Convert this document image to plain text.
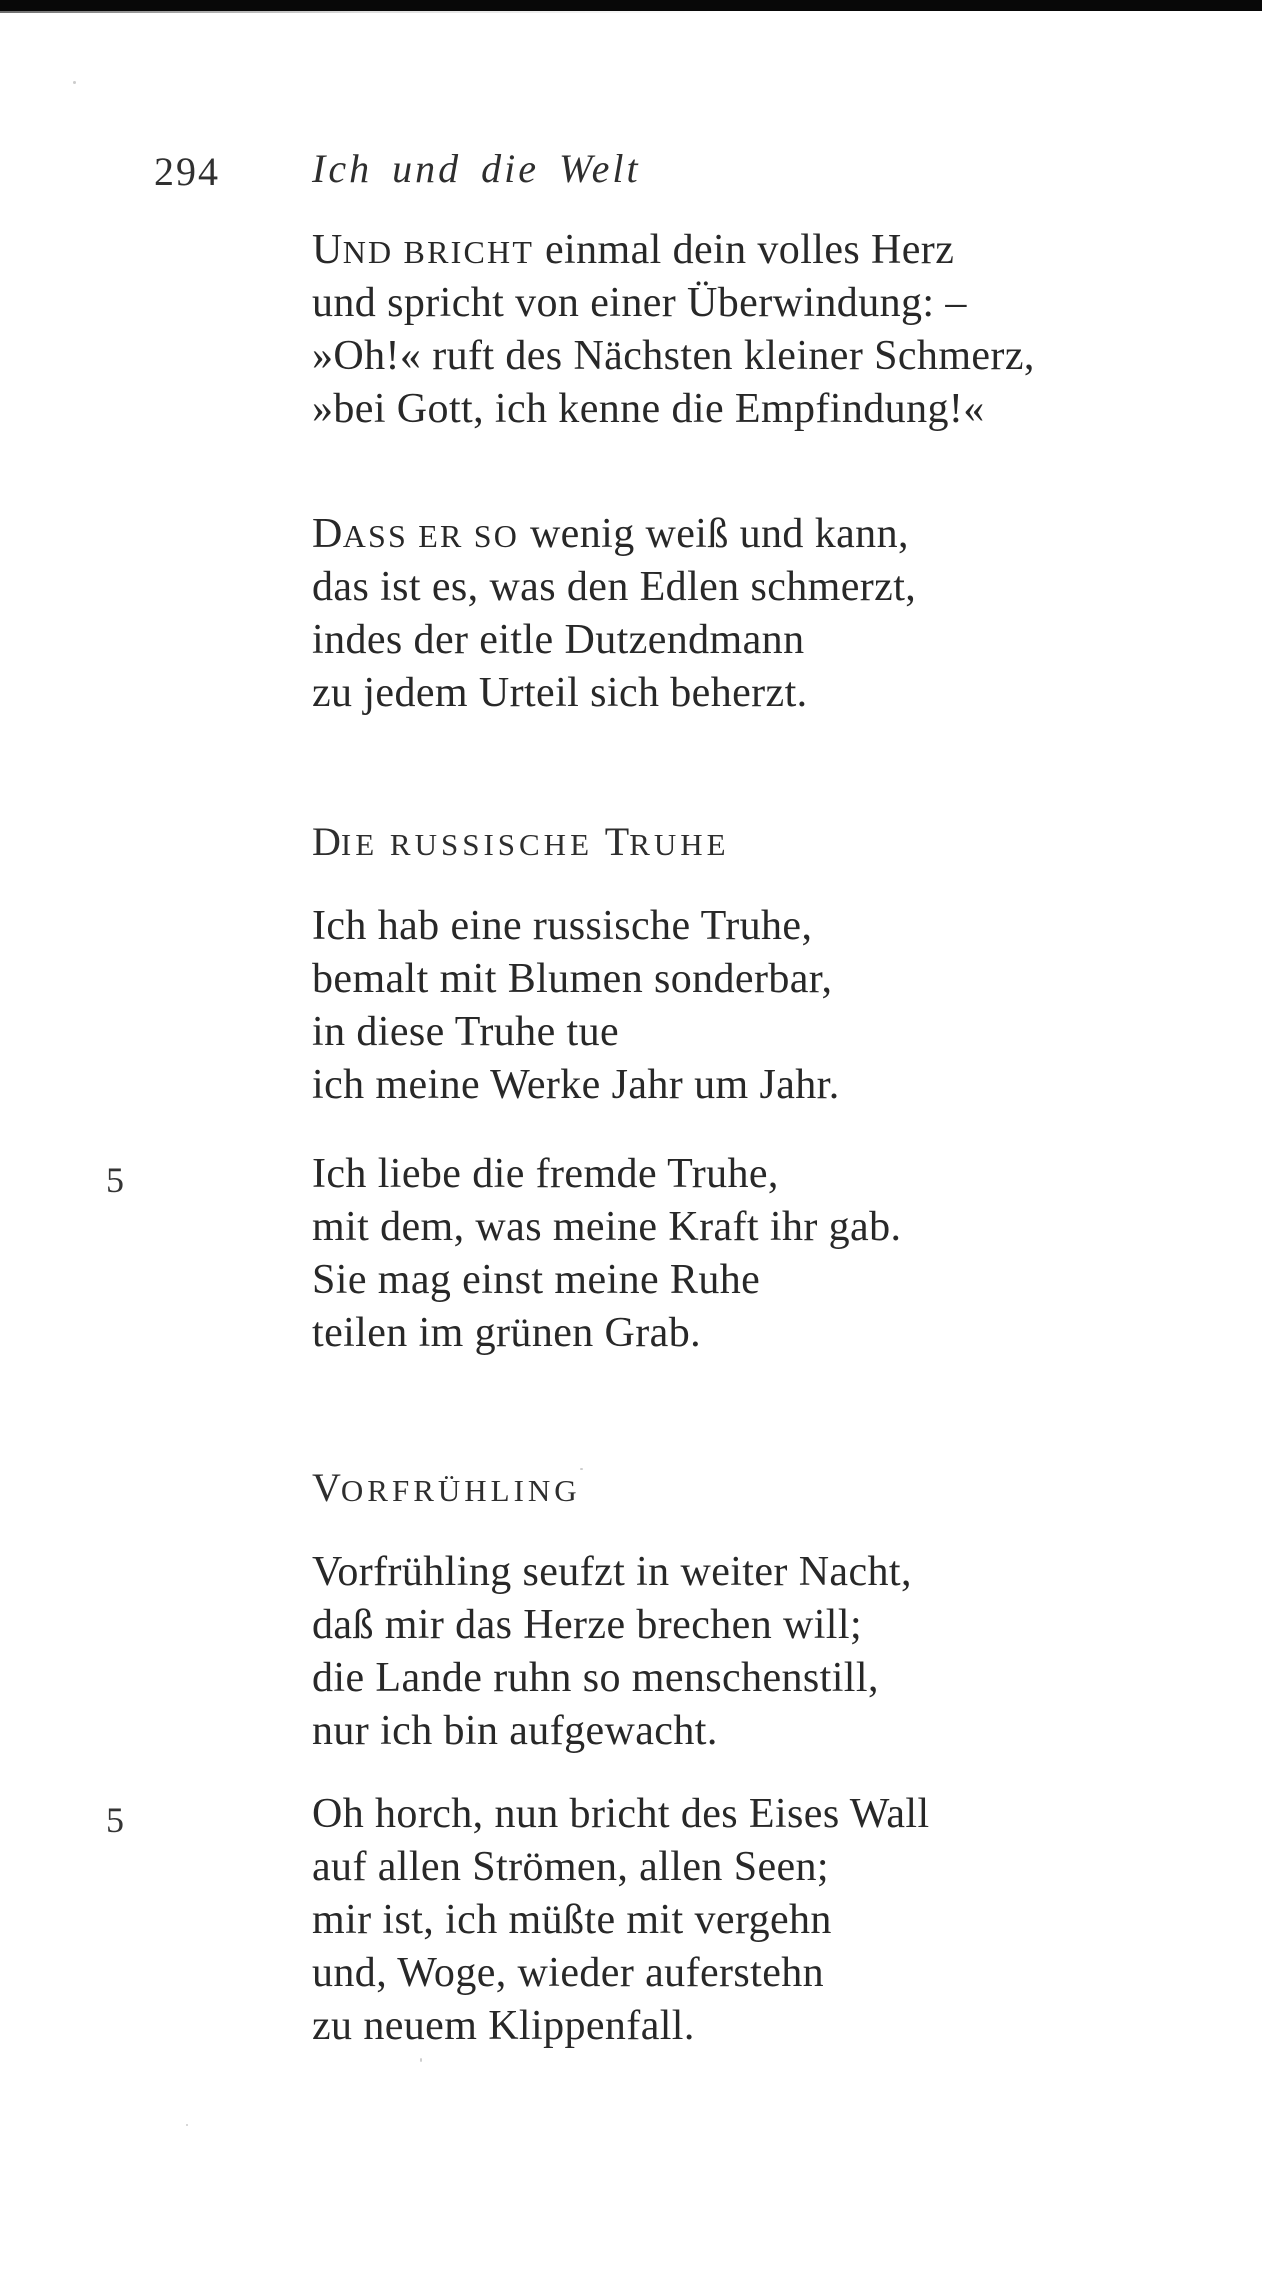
294 Ich und die Welt
UND BRICHT einmal dein volles Herz
und spricht von einer Überwindung: –
»Oh!« ruft des Nächsten kleiner Schmerz,
»bei Gott, ich kenne die Empfindung!«
DASS ER SO wenig weiß und kann,
das ist es, was den Edlen schmerzt,
indes der eitle Dutzendmann
zu jedem Urteil sich beherzt.
DIE RUSSISCHE TRUHE
Ich hab eine russische Truhe,
bemalt mit Blumen sonderbar,
in diese Truhe tue
ich meine Werke Jahr um Jahr.
5	Ich liebe die fremde Truhe,
mit dem, was meine Kraft ihr gab.
Sie mag einst meine Ruhe
teilen im grünen Grab.
VORFRÜHLING
Vorfrühling seufzt in weiter Nacht,
daß mir das Herze brechen will;
die Lande ruhn so menschenstill,
nur ich bin aufgewacht.
5	Oh horch, nun bricht des Eises Wall
auf allen Strömen, allen Seen;
mir ist, ich müßte mit vergehn
und, Woge, wieder auferstehn
zu neuem Klippenfall.
